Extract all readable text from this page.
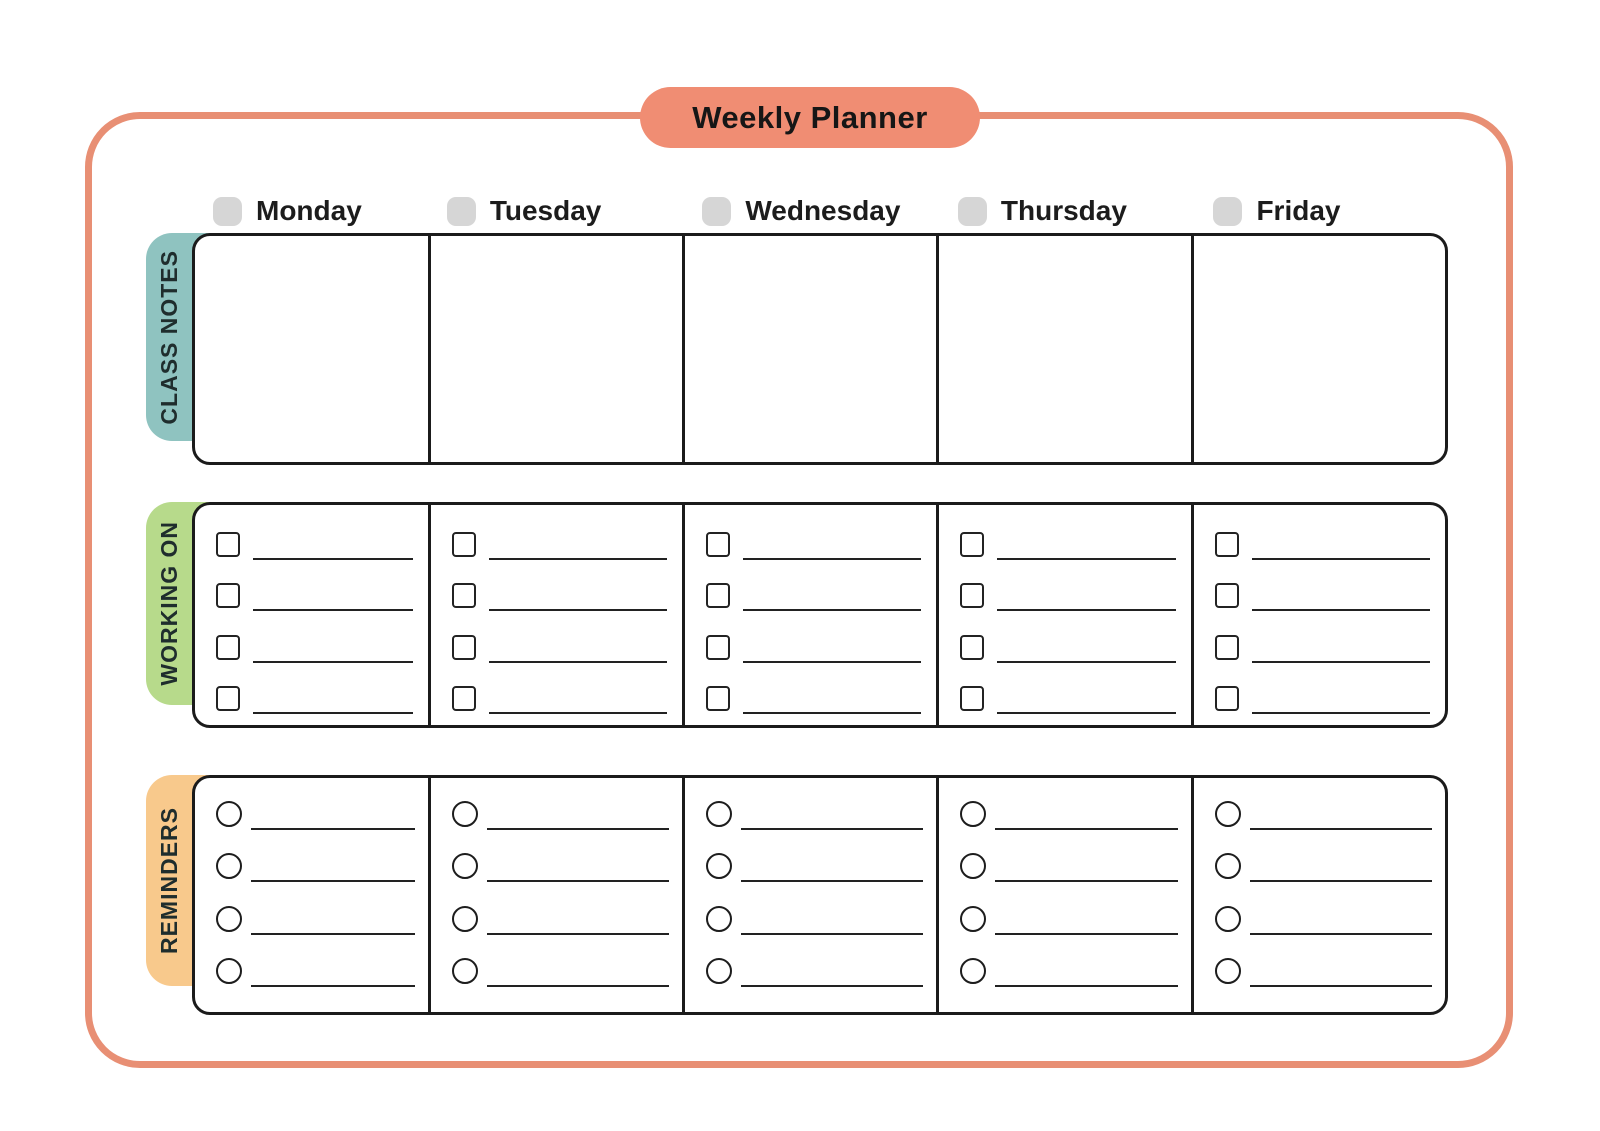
Weekly Planner
Monday	Tuesday	Wednesday	Thursday	Friday
CLASS NOTES
WORKING ON
REMINDERS
